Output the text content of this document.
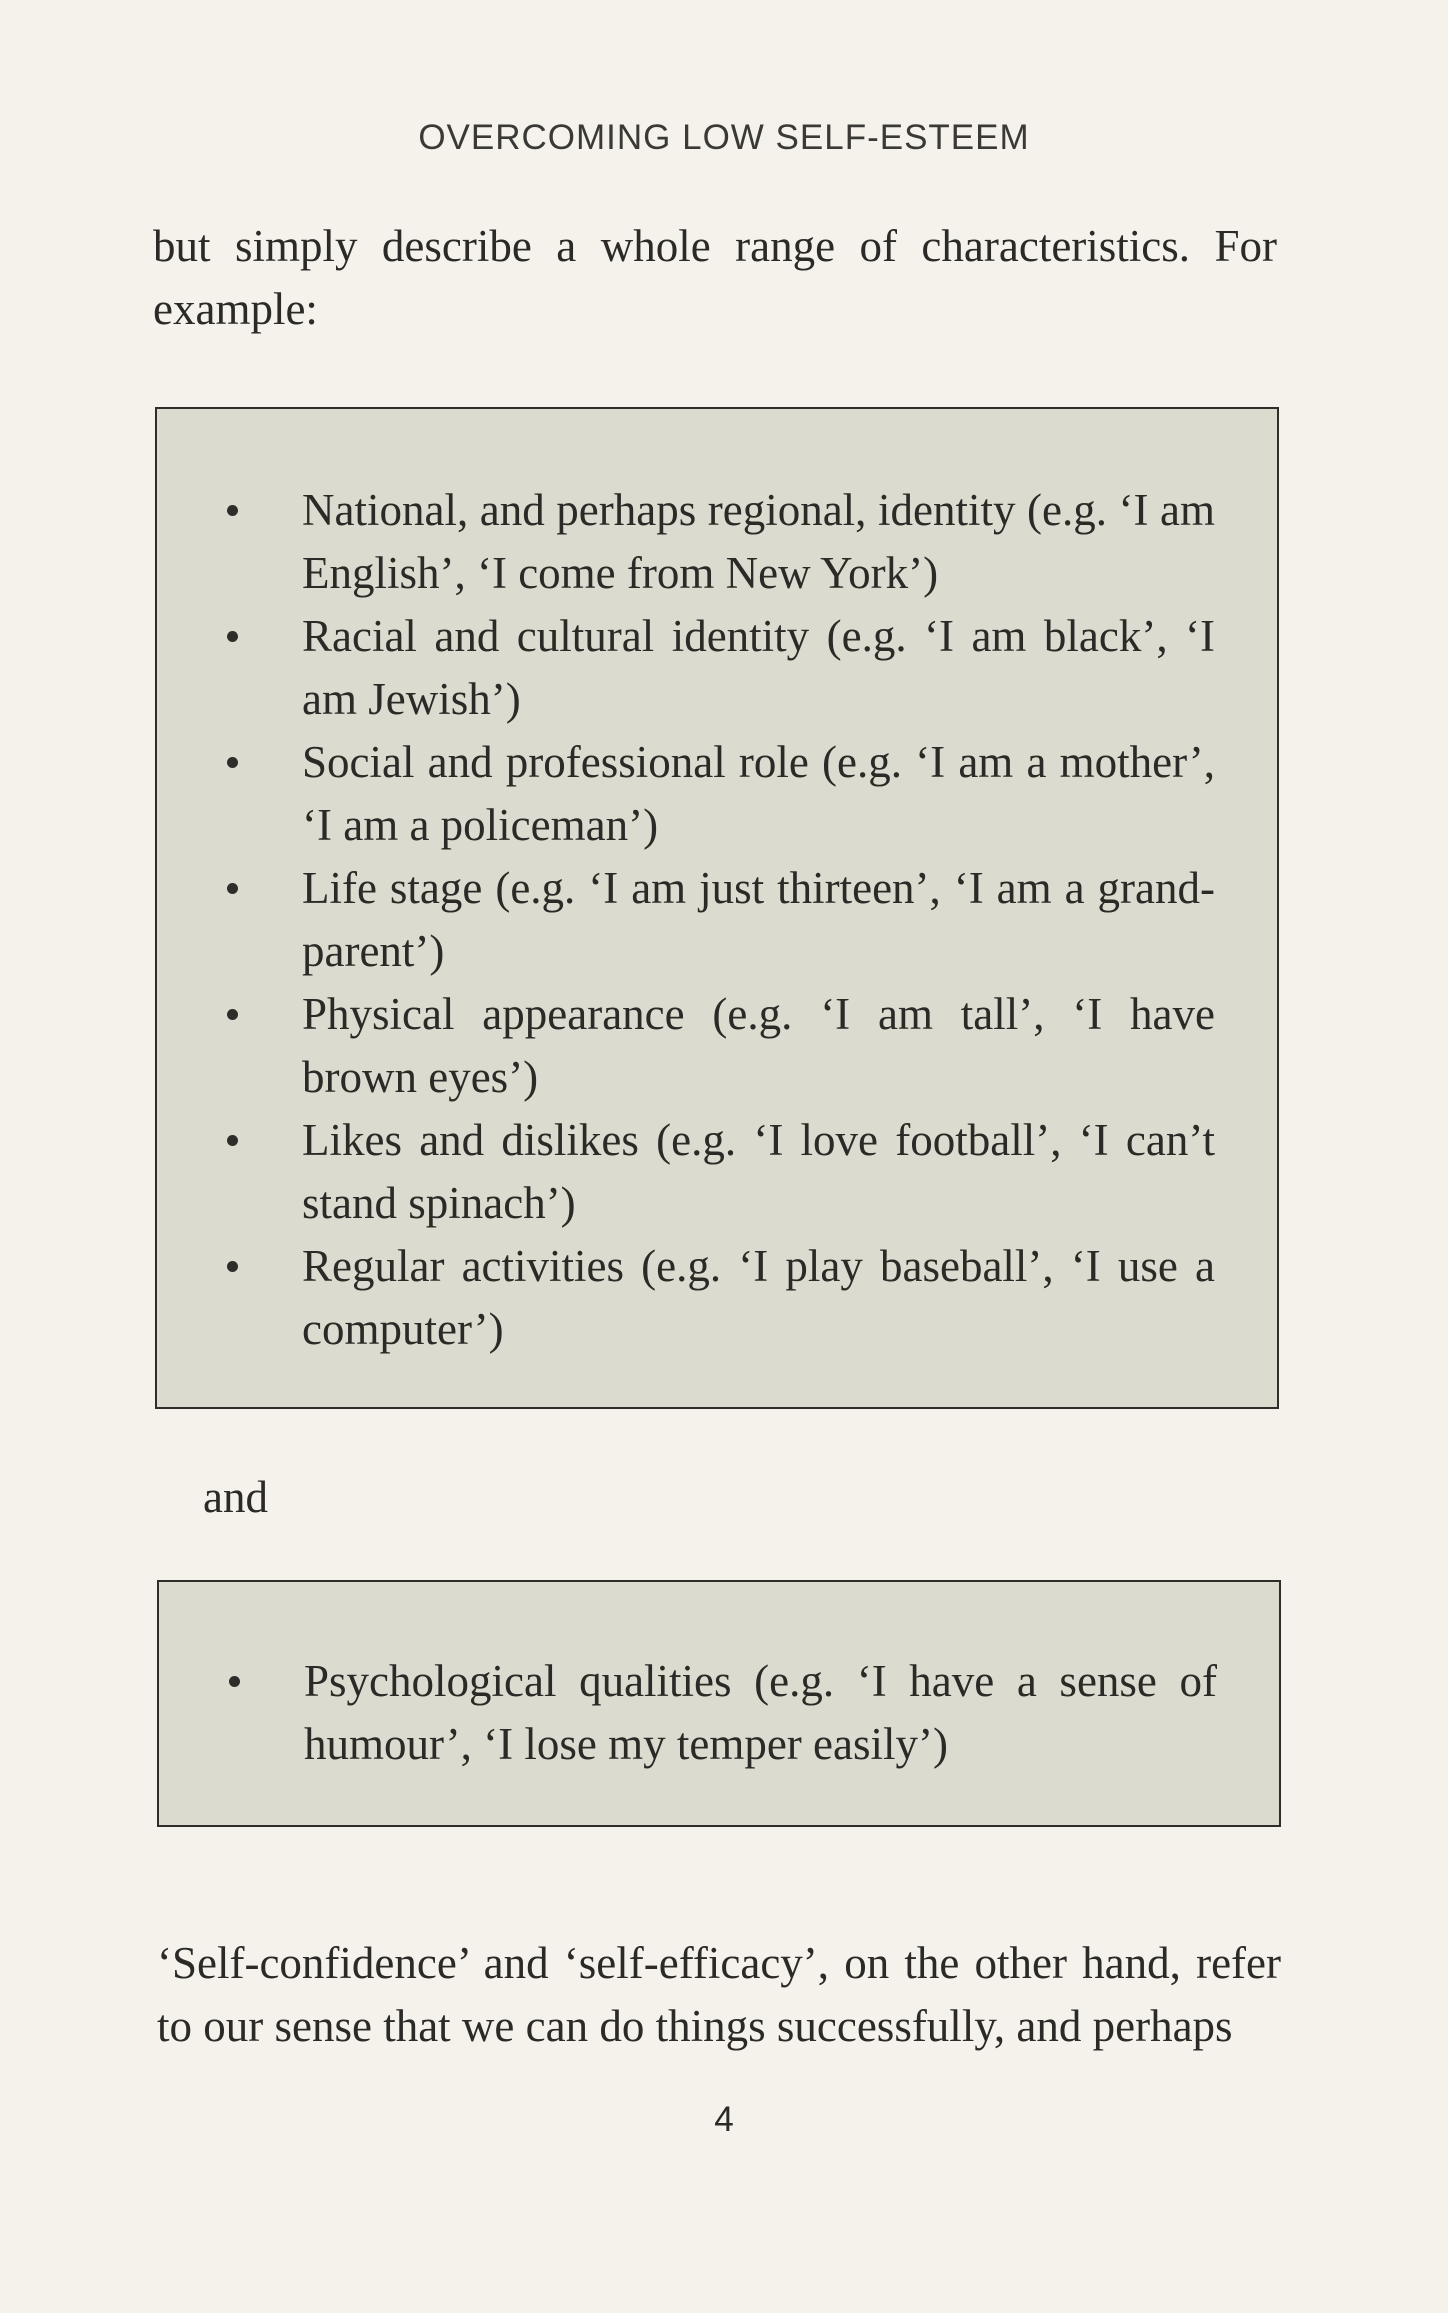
OVERCOMING LOW SELF-ESTEEM
but simply describe a whole range of characteristics. For example:
National, and perhaps regional, identity (e.g. ‘I am English’, ‘I come from New York’)
Racial and cultural identity (e.g. ‘I am black’, ‘I am Jewish’)
Social and professional role (e.g. ‘I am a mother’, ‘I am a policeman’)
Life stage (e.g. ‘I am just thirteen’, ‘I am a grand-parent’)
Physical appearance (e.g. ‘I am tall’, ‘I have brown eyes’)
Likes and dislikes (e.g. ‘I love football’, ‘I can’t stand spinach’)
Regular activities (e.g. ‘I play baseball’, ‘I use a computer’)
and
Psychological qualities (e.g. ‘I have a sense of humour’, ‘I lose my temper easily’)
‘Self-confidence’ and ‘self-efficacy’, on the other hand, refer to our sense that we can do things successfully, and perhaps
4
